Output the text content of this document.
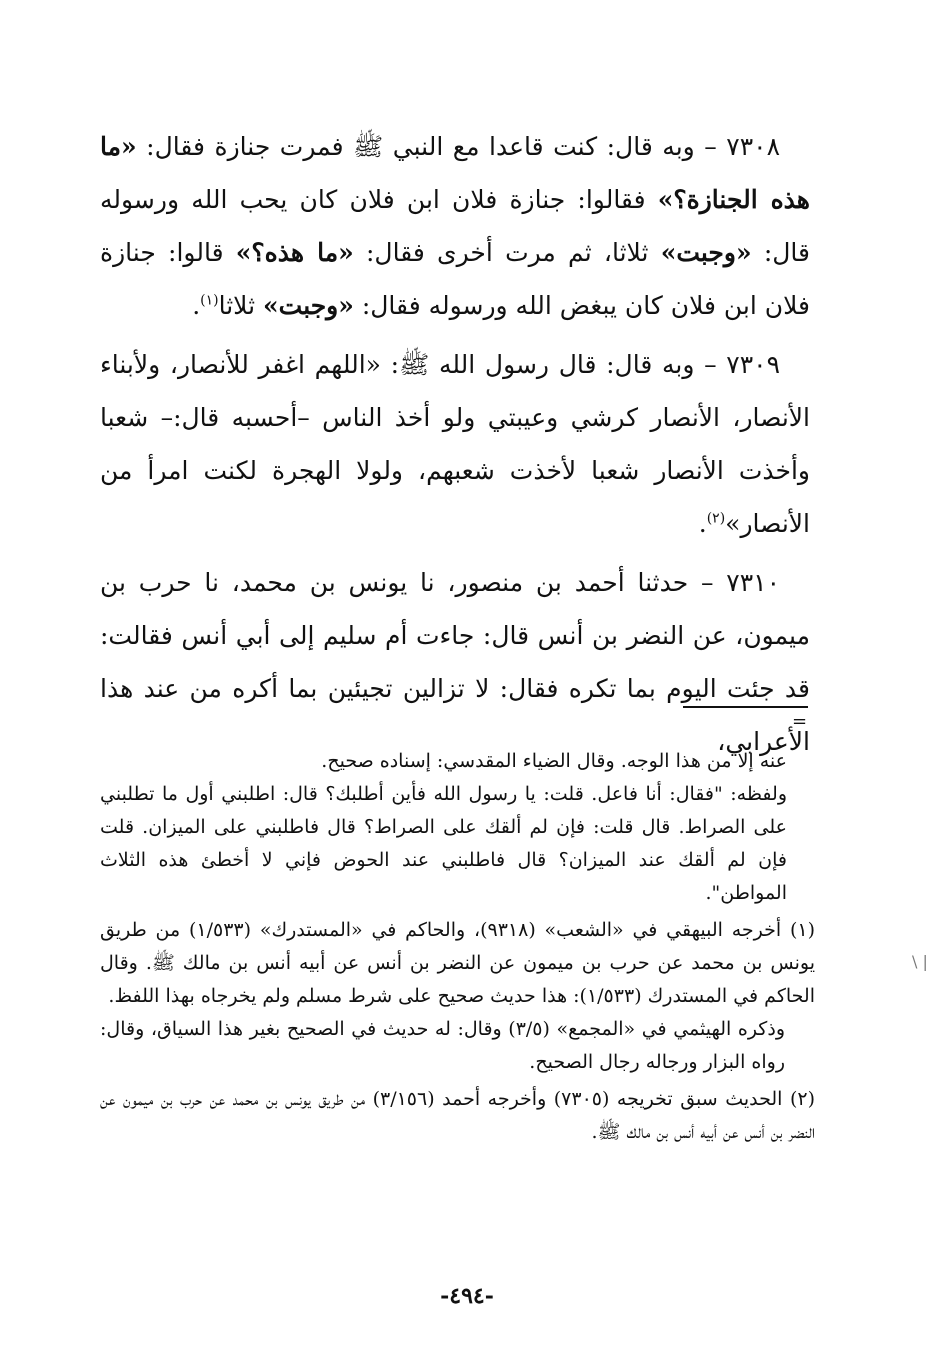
٧٣٠٨ – وبه قال: كنت قاعدا مع النبي ﷺ فمرت جنازة فقال: «ما هذه الجنازة؟» فقالوا: جنازة فلان ابن فلان كان يحب الله ورسوله قال: «وجبت» ثلاثا، ثم مرت أخرى فقال: «ما هذه؟» قالوا: جنازة فلان ابن فلان كان يبغض الله ورسوله فقال: «وجبت» ثلاثا$^{(١)}$.

٧٣٠٩ – وبه قال: قال رسول الله ﷺ: «اللهم اغفر للأنصار، ولأبناء الأنصار، الأنصار كرشي وعيبتي ولو أخذ الناس –أحسبه قال:– شعبا وأخذت الأنصار شعبا لأخذت شعبهم، ولولا الهجرة لكنت امرأ من الأنصار»$^{(٢)}$.

٧٣١٠ – حدثنا أحمد بن منصور، نا يونس بن محمد، نا حرب بن ميمون، عن النضر بن أنس قال: جاءت أم سليم إلى أبي أنس فقالت: قد جئت اليوم بما تكره فقال: لا تزالين تجيئين بما أكره من عند هذا الأعرابي،

=
عنه إلا من هذا الوجه. وقال الضياء المقدسي: إسناده صحيح.
ولفظه: "فقال: أنا فاعل. قلت: يا رسول الله فأين أطلبك؟ قال: اطلبني أول ما تطلبني على الصراط. قال قلت: فإن لم ألقك على الصراط؟ قال فاطلبني على الميزان. قلت فإن لم ألقك عند الميزان؟ قال فاطلبني عند الحوض فإني لا أخطئ هذه الثلاث المواطن".
(١) أخرجه البيهقي في «الشعب» (٩٣١٨)، والحاكم في «المستدرك» (١/٥٣٣) من طريق يونس بن محمد عن حرب بن ميمون عن النضر بن أنس عن أبيه أنس بن مالك ﷺ. وقال الحاكم في المستدرك (١/٥٣٣): هذا حديث صحيح على شرط مسلم ولم يخرجاه بهذا اللفظ.
وذكره الهيثمي في «المجمع» (٣/٥) وقال: له حديث في الصحيح بغير هذا السياق، وقال: رواه البزار ورجاله رجال الصحيح.
(٢) الحديث سبق تخريجه (٧٣٠٥) وأخرجه أحمد (٣/١٥٦) من طريق يونس بن محمد عن حرب بن ميمون عن النضر بن أنس عن أبيه أنس بن مالك ﷺ.
\ |
-٤٩٤-
